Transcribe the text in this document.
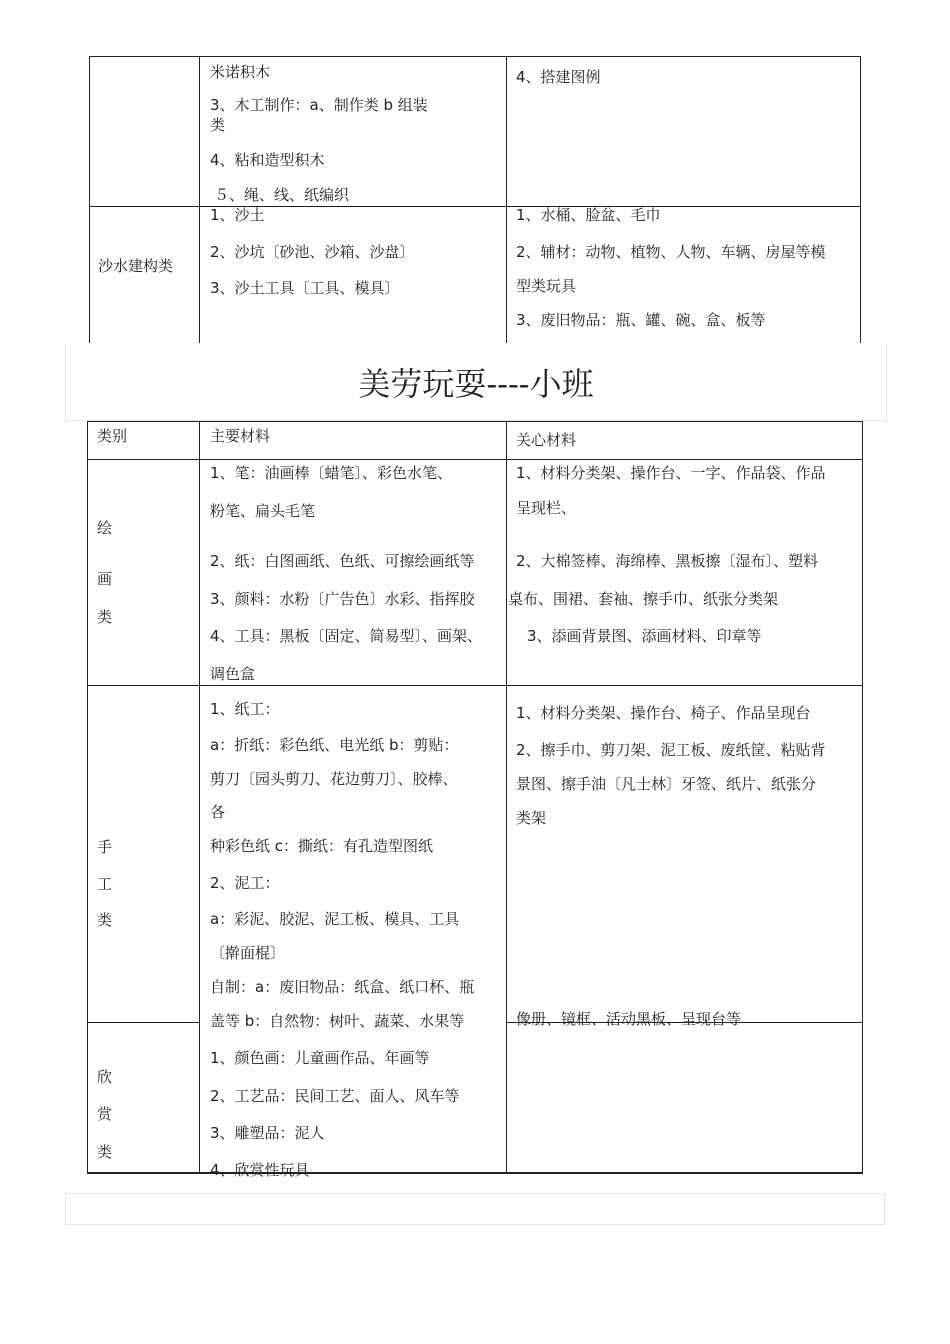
米诺积木
3、木工制作：a、制作类 b 组装
类
4、粘和造型积木
５、绳、线、纸编织
4、搭建图例
沙水建构类
1、沙土
2、沙坑〔砂池、沙箱、沙盘〕
3、沙土工具〔工具、模具〕
1、水桶、脸盆、毛巾
2、辅材：动物、植物、人物、车辆、房屋等模
型类玩具
3、废旧物品：瓶、罐、碗、盒、板等
美劳玩耍----小班
类别	主要材料	关心材料
绘
画
类
1、笔：油画棒〔蜡笔〕、彩色水笔、
粉笔、扁头毛笔
2、纸：白图画纸、色纸、可擦绘画纸等
3、颜料：水粉〔广告色〕水彩、指挥胶
4、工具：黑板〔固定、简易型〕、画架、
调色盒
1、材料分类架、操作台、一字、作品袋、作品
呈现栏、
2、大棉签棒、海绵棒、黑板擦〔湿布〕、塑料
桌布、围裙、套袖、擦手巾、纸张分类架
3、添画背景图、添画材料、印章等
手
工
类
1、纸工：
a：折纸：彩色纸、电光纸 b：剪贴：
剪刀〔园头剪刀、花边剪刀〕、胶棒、
各
种彩色纸 c：撕纸：有孔造型图纸
2、泥工：
a：彩泥、胶泥、泥工板、模具、工具
〔擀面棍〕
自制：a：废旧物品：纸盒、纸口杯、瓶
盖等 b：自然物：树叶、蔬菜、水果等
1、材料分类架、操作台、椅子、作品呈现台
2、擦手巾、剪刀架、泥工板、废纸筐、粘贴背
景图、擦手油〔凡士林〕牙签、纸片、纸张分
类架
像册、镜框、活动黑板、呈现台等
欣
赏
类
1、颜色画：儿童画作品、年画等
2、工艺品：民间工艺、面人、风车等
3、雕塑品：泥人
4、欣赏性玩具
